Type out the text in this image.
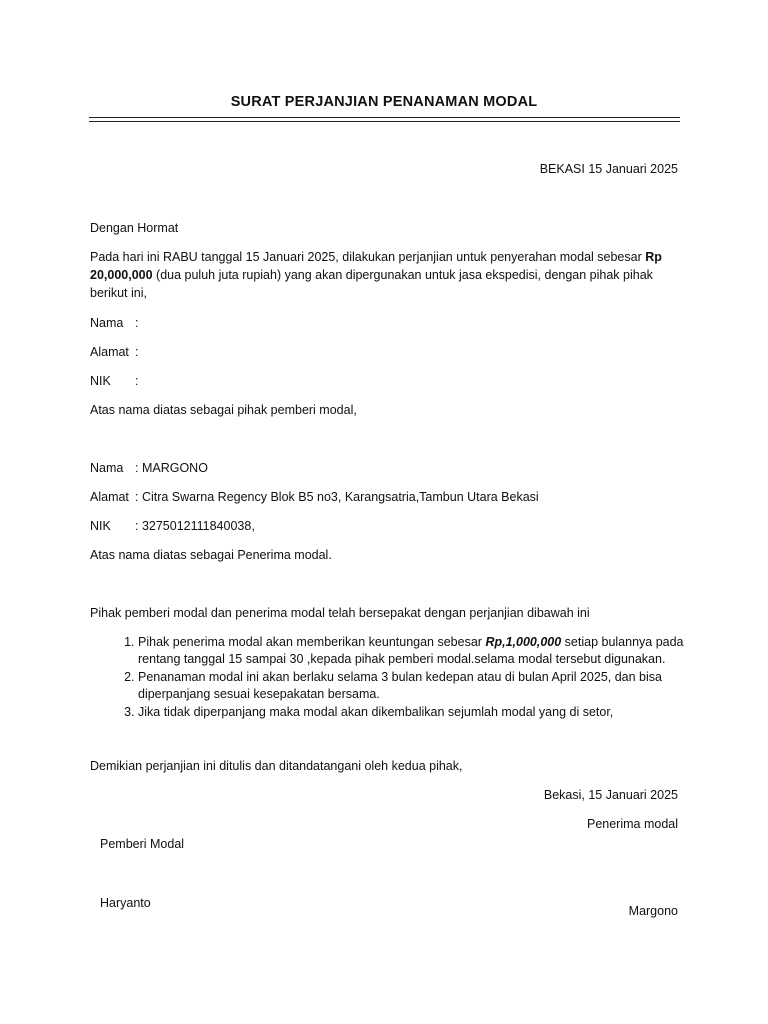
SURAT PERJANJIAN PENANAMAN MODAL
BEKASI 15 Januari 2025
Dengan Hormat
Pada hari ini RABU tanggal 15 Januari 2025, dilakukan perjanjian untuk penyerahan modal sebesar Rp 20,000,000 (dua puluh juta rupiah) yang akan dipergunakan untuk jasa ekspedisi, dengan pihak pihak berikut ini,
Nama :
Alamat :
NIK :
Atas nama diatas sebagai pihak pemberi modal,
Nama : MARGONO
Alamat : Citra Swarna Regency Blok B5 no3, Karangsatria,Tambun Utara Bekasi
NIK : 3275012111840038,
Atas nama diatas sebagai Penerima modal.
Pihak pemberi modal dan penerima modal telah bersepakat dengan perjanjian dibawah ini
1. Pihak penerima modal akan memberikan keuntungan sebesar Rp,1,000,000 setiap bulannya pada rentang tanggal 15 sampai 30 ,kepada pihak pemberi modal.selama modal tersebut digunakan.
2. Penanaman modal ini akan berlaku selama 3 bulan kedepan atau di bulan April 2025, dan bisa diperpanjang sesuai kesepakatan bersama.
3. Jika tidak diperpanjang maka modal akan dikembalikan sejumlah modal yang di setor,
Demikian perjanjian ini ditulis dan ditandatangani oleh kedua pihak,
Bekasi, 15 Januari 2025
Penerima modal
Pemberi Modal
Haryanto
Margono
